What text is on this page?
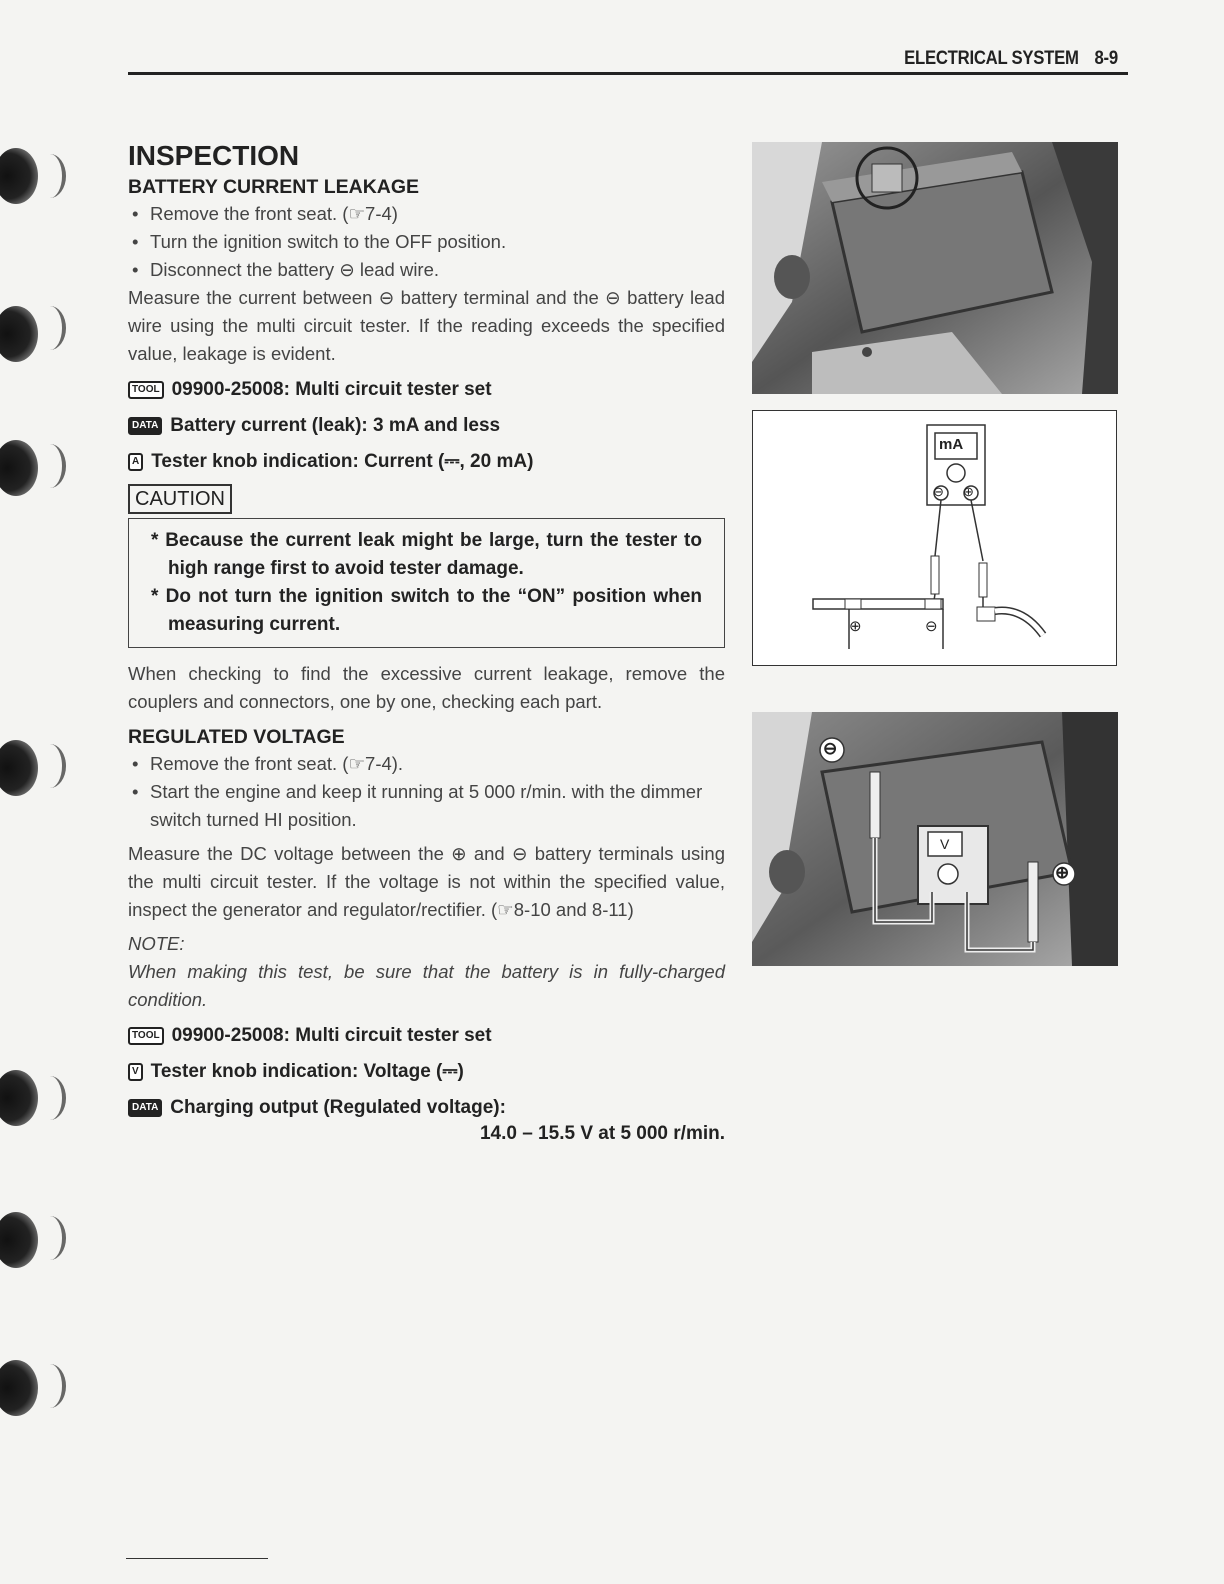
ELECTRICAL SYSTEM 8-9
INSPECTION
BATTERY CURRENT LEAKAGE
• Remove the front seat. (☞7-4)
• Turn the ignition switch to the OFF position.
• Disconnect the battery ⊖ lead wire.
Measure the current between ⊖ battery terminal and the ⊖ battery lead wire using the multi circuit tester. If the reading exceeds the specified value, leakage is evident.
TOOL 09900-25008: Multi circuit tester set
DATA Battery current (leak): 3 mA and less
A Tester knob indication: Current (⎓, 20 mA)
CAUTION
* Because the current leak might be large, turn the tester to high range first to avoid tester damage.
* Do not turn the ignition switch to the “ON” position when measuring current.
When checking to find the excessive current leakage, remove the couplers and connectors, one by one, checking each part.
REGULATED VOLTAGE
• Remove the front seat. (☞7-4).
• Start the engine and keep it running at 5 000 r/min. with the dimmer switch turned HI position.
Measure the DC voltage between the ⊕ and ⊖ battery terminals using the multi circuit tester. If the voltage is not within the specified value, inspect the generator and regulator/rectifier. (☞8-10 and 8-11)
NOTE:
When making this test, be sure that the battery is in fully-charged condition.
TOOL 09900-25008: Multi circuit tester set
V Tester knob indication: Voltage (⎓)
DATA Charging output (Regulated voltage):
14.0 – 15.5 V at 5 000 r/min.
mA
⊖ ⊕
⊕	⊖
V
⊖
⊕
